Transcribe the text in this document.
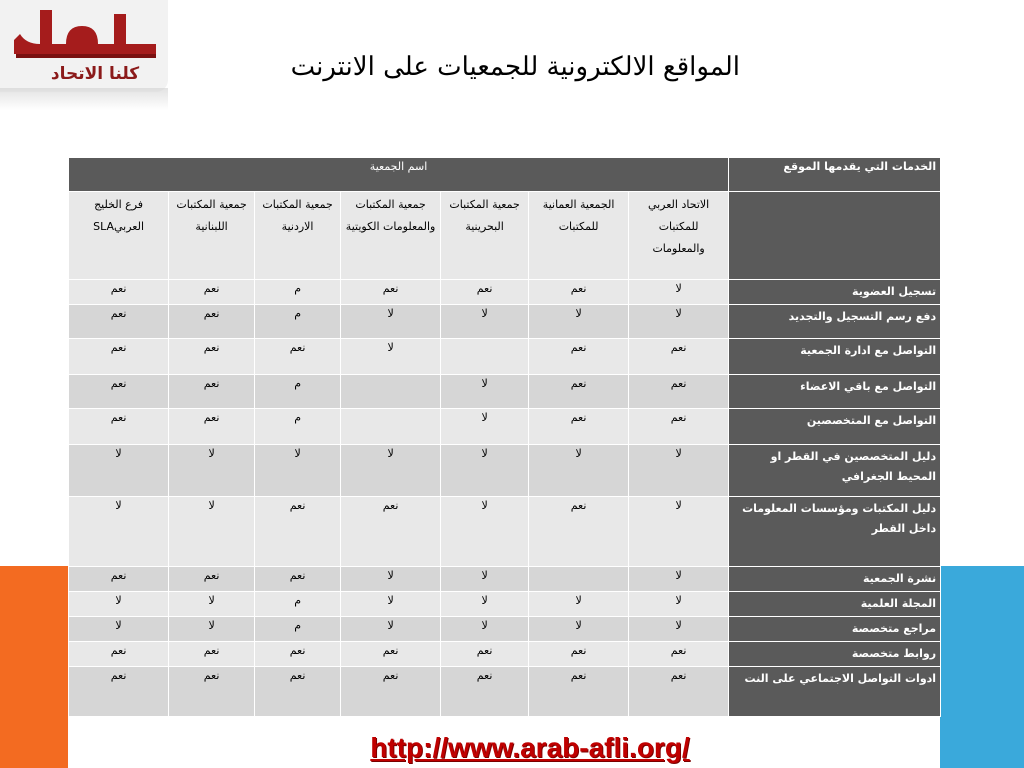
كلنا الاتحاد	المواقع الالكترونية للجمعيات على الانترنت
الخدمات التي يقدمها الموقع	اسم الجمعية						
	الاتحاد العربي للمكتبات والمعلومات	الجمعية العمانية للمكتبات	جمعية المكتبات البحرينية	جمعية المكتبات والمعلومات الكويتية	جمعية المكتبات الاردنية	جمعية المكتبات اللبنانية	فرع الخليج العربيSLA
تسجيل العضوية	لا	نعم	نعم	نعم	م	نعم	نعم
دفع رسم التسجيل والتجديد	لا	لا	لا	لا	م	نعم	نعم
التواصل مع ادارة الجمعية	نعم	نعم		لا	نعم	نعم	نعم
التواصل مع باقي الاعضاء	نعم	نعم	لا		م	نعم	نعم
التواصل مع المتخصصين	نعم	نعم	لا		م	نعم	نعم
دليل المتخصصين في القطر او المحيط الجغرافي	لا	لا	لا	لا	لا	لا	لا
دليل المكتبات ومؤسسات المعلومات داخل القطر	لا	نعم	لا	نعم	نعم	لا	لا
نشرة الجمعية	لا		لا	لا	نعم	نعم	نعم
المجلة العلمية	لا	لا	لا	لا	م	لا	لا
مراجع متخصصة	لا	لا	لا	لا	م	لا	لا
روابط متخصصة	نعم	نعم	نعم	نعم	نعم	نعم	نعم
ادوات التواصل الاجتماعي على النت	نعم	نعم	نعم	نعم	نعم	نعم	نعم
http://www.arab-afli.org/
